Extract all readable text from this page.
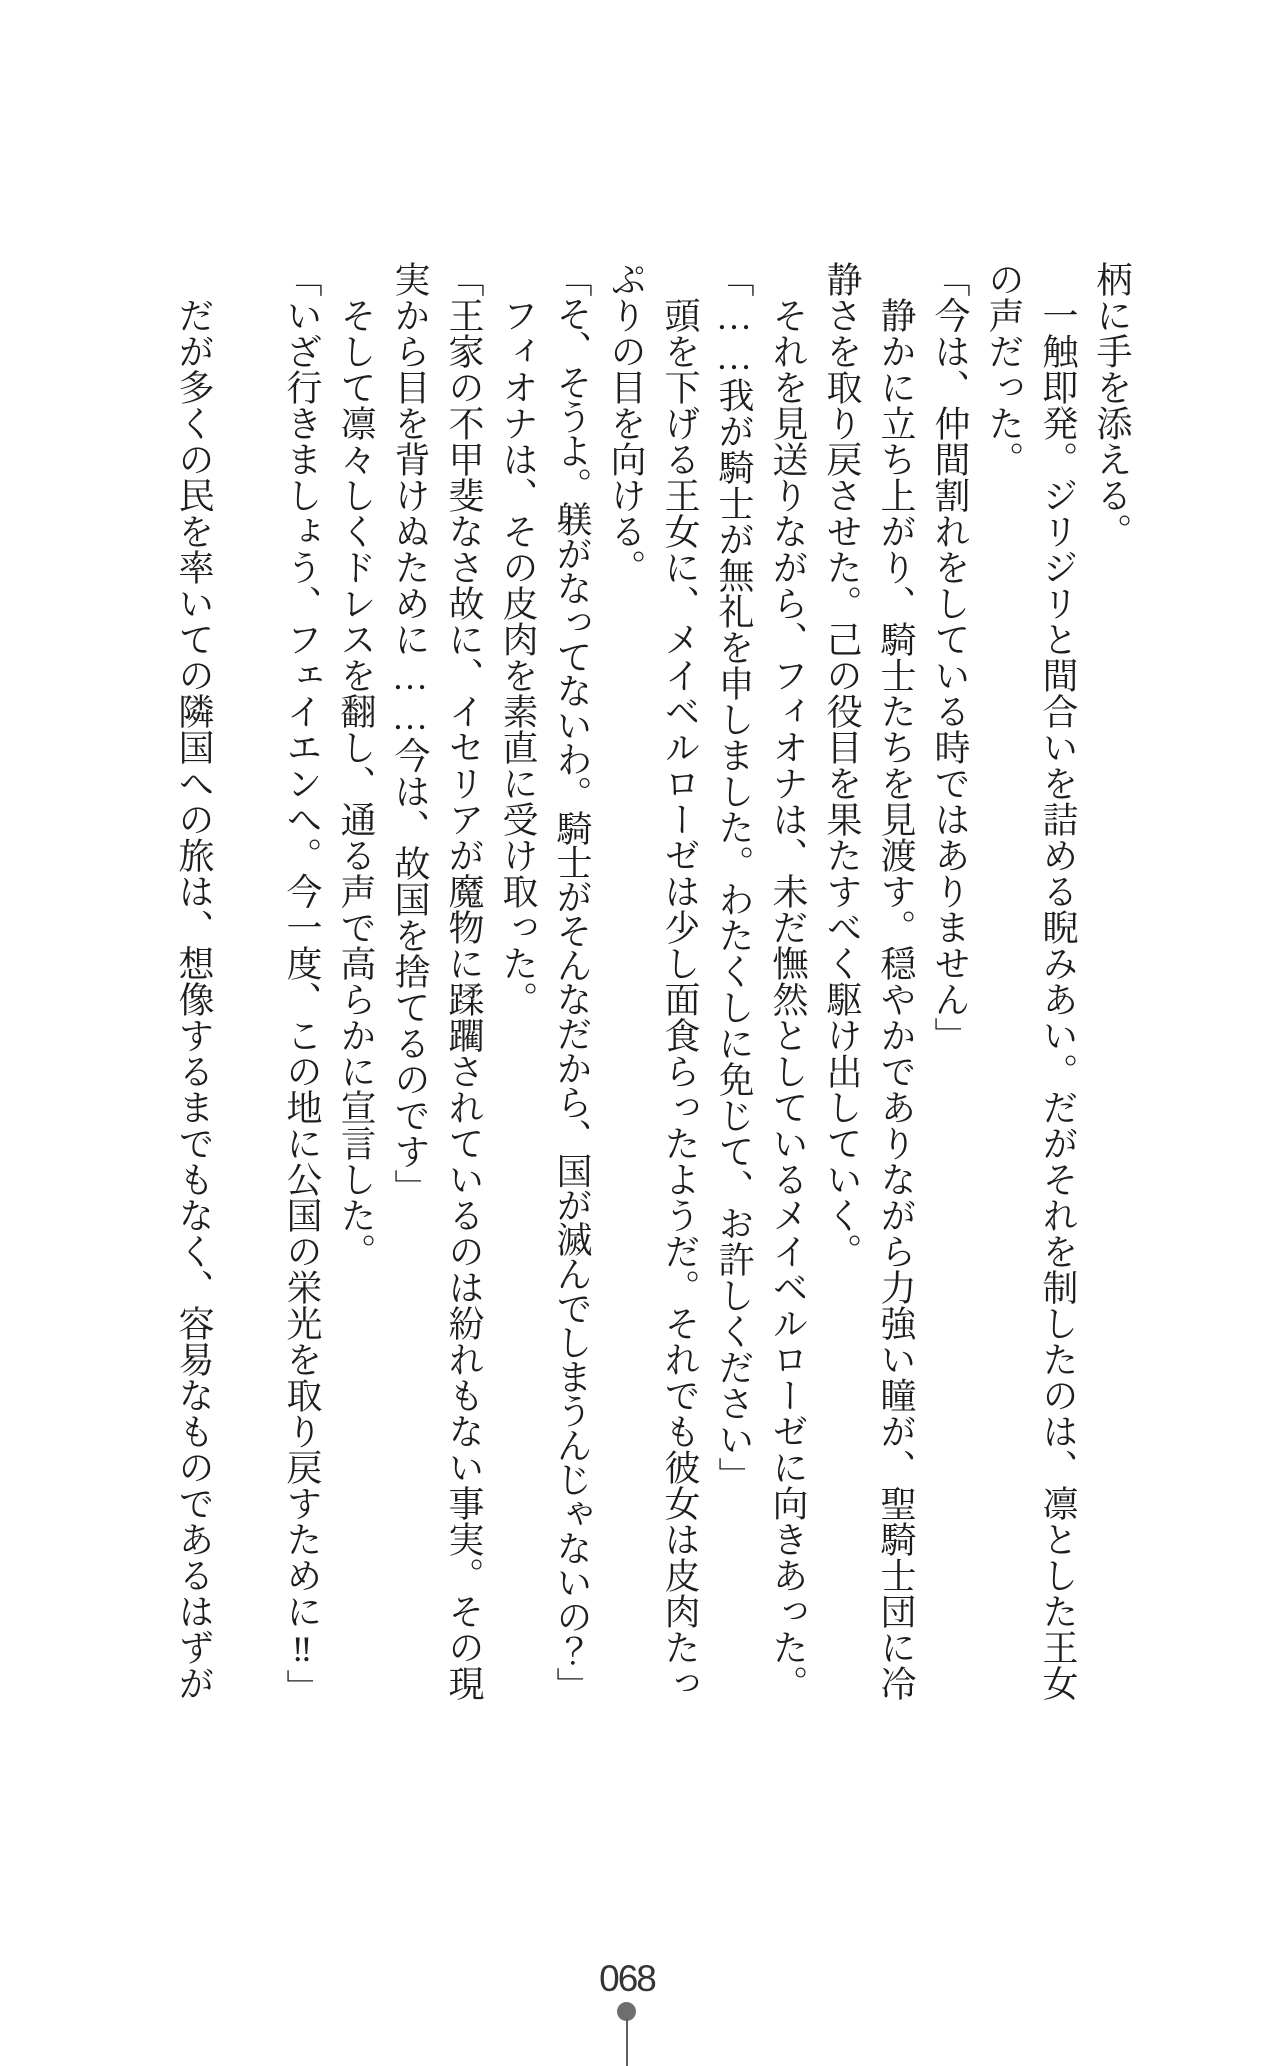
柄に手を添える。

　一触即発。ジリジリと間合いを詰める睨みあい。だがそれを制したのは、凛とした王女

の声だった。

「今は、仲間割れをしている時ではありません」

　静かに立ち上がり、騎士たちを見渡す。穏やかでありながら力強い瞳が、聖騎士団に冷

静さを取り戻させた。己の役目を果たすべく駆け出していく。

　それを見送りながら、フィオナは、未だ憮然としているメイベルローゼに向きあった。

「……我が騎士が無礼を申しました。わたくしに免じて、お許しください」

　頭を下げる王女に、メイベルローゼは少し面食らったようだ。それでも彼女は皮肉たっ

ぷりの目を向ける。

「そ、そうよ。躾がなってないわ。騎士がそんなだから、国が滅んでしまうんじゃないの？」

　フィオナは、その皮肉を素直に受け取った。

「王家の不甲斐なさ故に、イセリアが魔物に蹂躙されているのは紛れもない事実。その現

実から目を背けぬために……今は、故国を捨てるのです」

　そして凛々しくドレスを翻し、通る声で高らかに宣言した。

「いざ行きましょう、フェイエンへ。今一度、この地に公国の栄光を取り戻すために‼」

　だが多くの民を率いての隣国への旅は、想像するまでもなく、容易なものであるはずが

068
